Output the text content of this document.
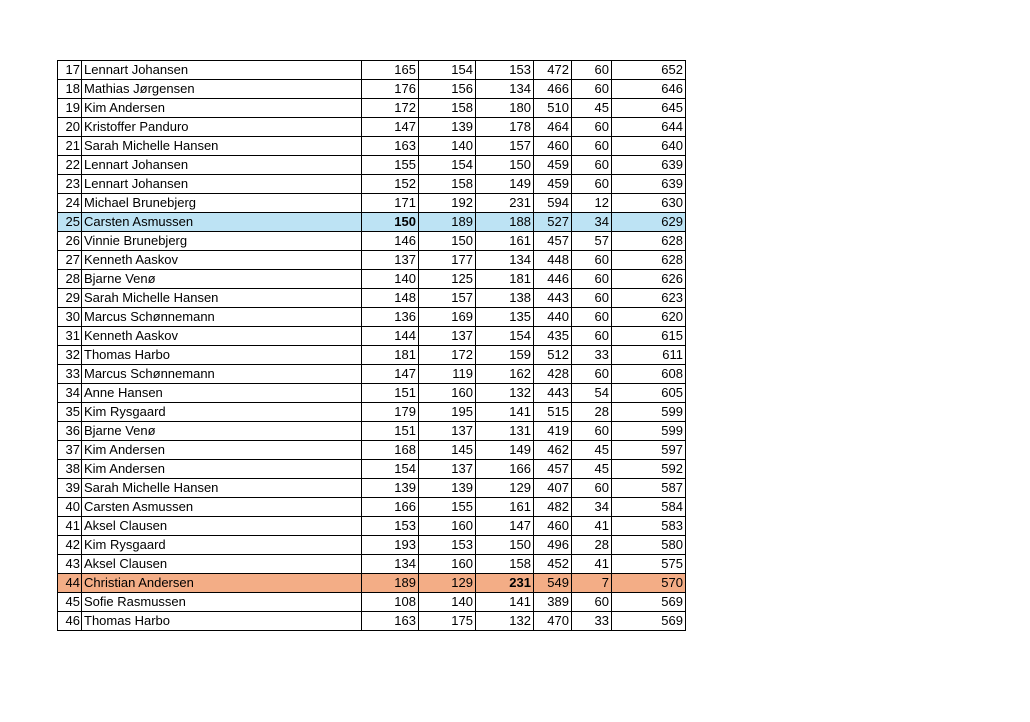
17	Lennart Johansen	165	154	153	472	60	652
18	Mathias Jørgensen	176	156	134	466	60	646
19	Kim Andersen	172	158	180	510	45	645
20	Kristoffer Panduro	147	139	178	464	60	644
21	Sarah Michelle Hansen	163	140	157	460	60	640
22	Lennart Johansen	155	154	150	459	60	639
23	Lennart Johansen	152	158	149	459	60	639
24	Michael Brunebjerg	171	192	231	594	12	630
25	Carsten Asmussen	150	189	188	527	34	629
26	Vinnie Brunebjerg	146	150	161	457	57	628
27	Kenneth Aaskov	137	177	134	448	60	628
28	Bjarne Venø	140	125	181	446	60	626
29	Sarah Michelle Hansen	148	157	138	443	60	623
30	Marcus Schønnemann	136	169	135	440	60	620
31	Kenneth Aaskov	144	137	154	435	60	615
32	Thomas Harbo	181	172	159	512	33	611
33	Marcus Schønnemann	147	119	162	428	60	608
34	Anne Hansen	151	160	132	443	54	605
35	Kim Rysgaard	179	195	141	515	28	599
36	Bjarne Venø	151	137	131	419	60	599
37	Kim Andersen	168	145	149	462	45	597
38	Kim Andersen	154	137	166	457	45	592
39	Sarah Michelle Hansen	139	139	129	407	60	587
40	Carsten Asmussen	166	155	161	482	34	584
41	Aksel Clausen	153	160	147	460	41	583
42	Kim Rysgaard	193	153	150	496	28	580
43	Aksel Clausen	134	160	158	452	41	575
44	Christian Andersen	189	129	231	549	7	570
45	Sofie Rasmussen	108	140	141	389	60	569
46	Thomas Harbo	163	175	132	470	33	569
